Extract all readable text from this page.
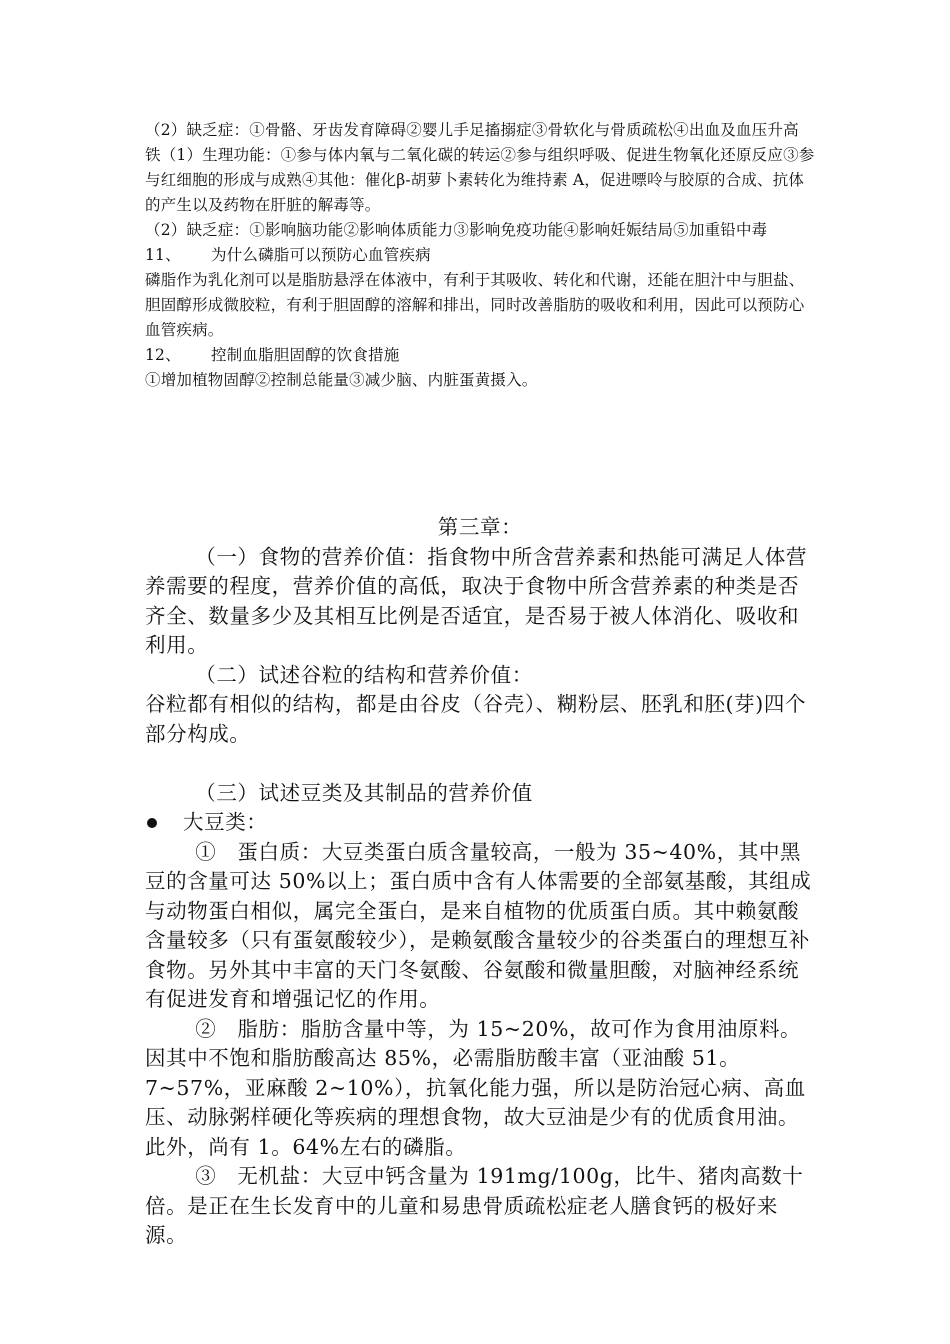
（2）缺乏症：①骨骼、牙齿发育障碍②婴儿手足搐搦症③骨软化与骨质疏松④出血及血压升高

铁（1）生理功能：①参与体内氧与二氧化碳的转运②参与组织呼吸、促进生物氧化还原反应③参与红细胞的形成与成熟④其他：催化β-胡萝卜素转化为维持素 A，促进嘌呤与胶原的合成、抗体的产生以及药物在肝脏的解毒等。

（2）缺乏症：①影响脑功能②影响体质能力③影响免疫功能④影响妊娠结局⑤加重铅中毒

11、	为什么磷脂可以预防心血管疾病

磷脂作为乳化剂可以是脂肪悬浮在体液中，有利于其吸收、转化和代谢，还能在胆汁中与胆盐、胆固醇形成微胶粒，有利于胆固醇的溶解和排出，同时改善脂肪的吸收和利用，因此可以预防心血管疾病。

12、	控制血脂胆固醇的饮食措施

①增加植物固醇②控制总能量③减少脑、内脏蛋黄摄入。

第三章：

（一）食物的营养价值：指食物中所含营养素和热能可满足人体营养需要的程度，营养价值的高低，取决于食物中所含营养素的种类是否齐全、数量多少及其相互比例是否适宜，是否易于被人体消化、吸收和利用。

（二）试述谷粒的结构和营养价值：

谷粒都有相似的结构，都是由谷皮（谷壳）、糊粉层、胚乳和胚(芽)四个部分构成。

（三）试述豆类及其制品的营养价值

大豆类：

①　蛋白质：大豆类蛋白质含量较高，一般为 35~40%，其中黑豆的含量可达 50%以上；蛋白质中含有人体需要的全部氨基酸，其组成与动物蛋白相似，属完全蛋白，是来自植物的优质蛋白质。其中赖氨酸含量较多（只有蛋氨酸较少），是赖氨酸含量较少的谷类蛋白的理想互补食物。另外其中丰富的天门冬氨酸、谷氨酸和微量胆酸，对脑神经系统有促进发育和增强记忆的作用。

②　脂肪：脂肪含量中等，为 15~20%，故可作为食用油原料。因其中不饱和脂肪酸高达 85%，必需脂肪酸丰富（亚油酸 51。7~57%，亚麻酸 2~10%），抗氧化能力强，所以是防治冠心病、高血压、动脉粥样硬化等疾病的理想食物，故大豆油是少有的优质食用油。此外，尚有 1。64%左右的磷脂。

③　无机盐：大豆中钙含量为 191mg/100g，比牛、猪肉高数十倍。是正在生长发育中的儿童和易患骨质疏松症老人膳食钙的极好来源。
